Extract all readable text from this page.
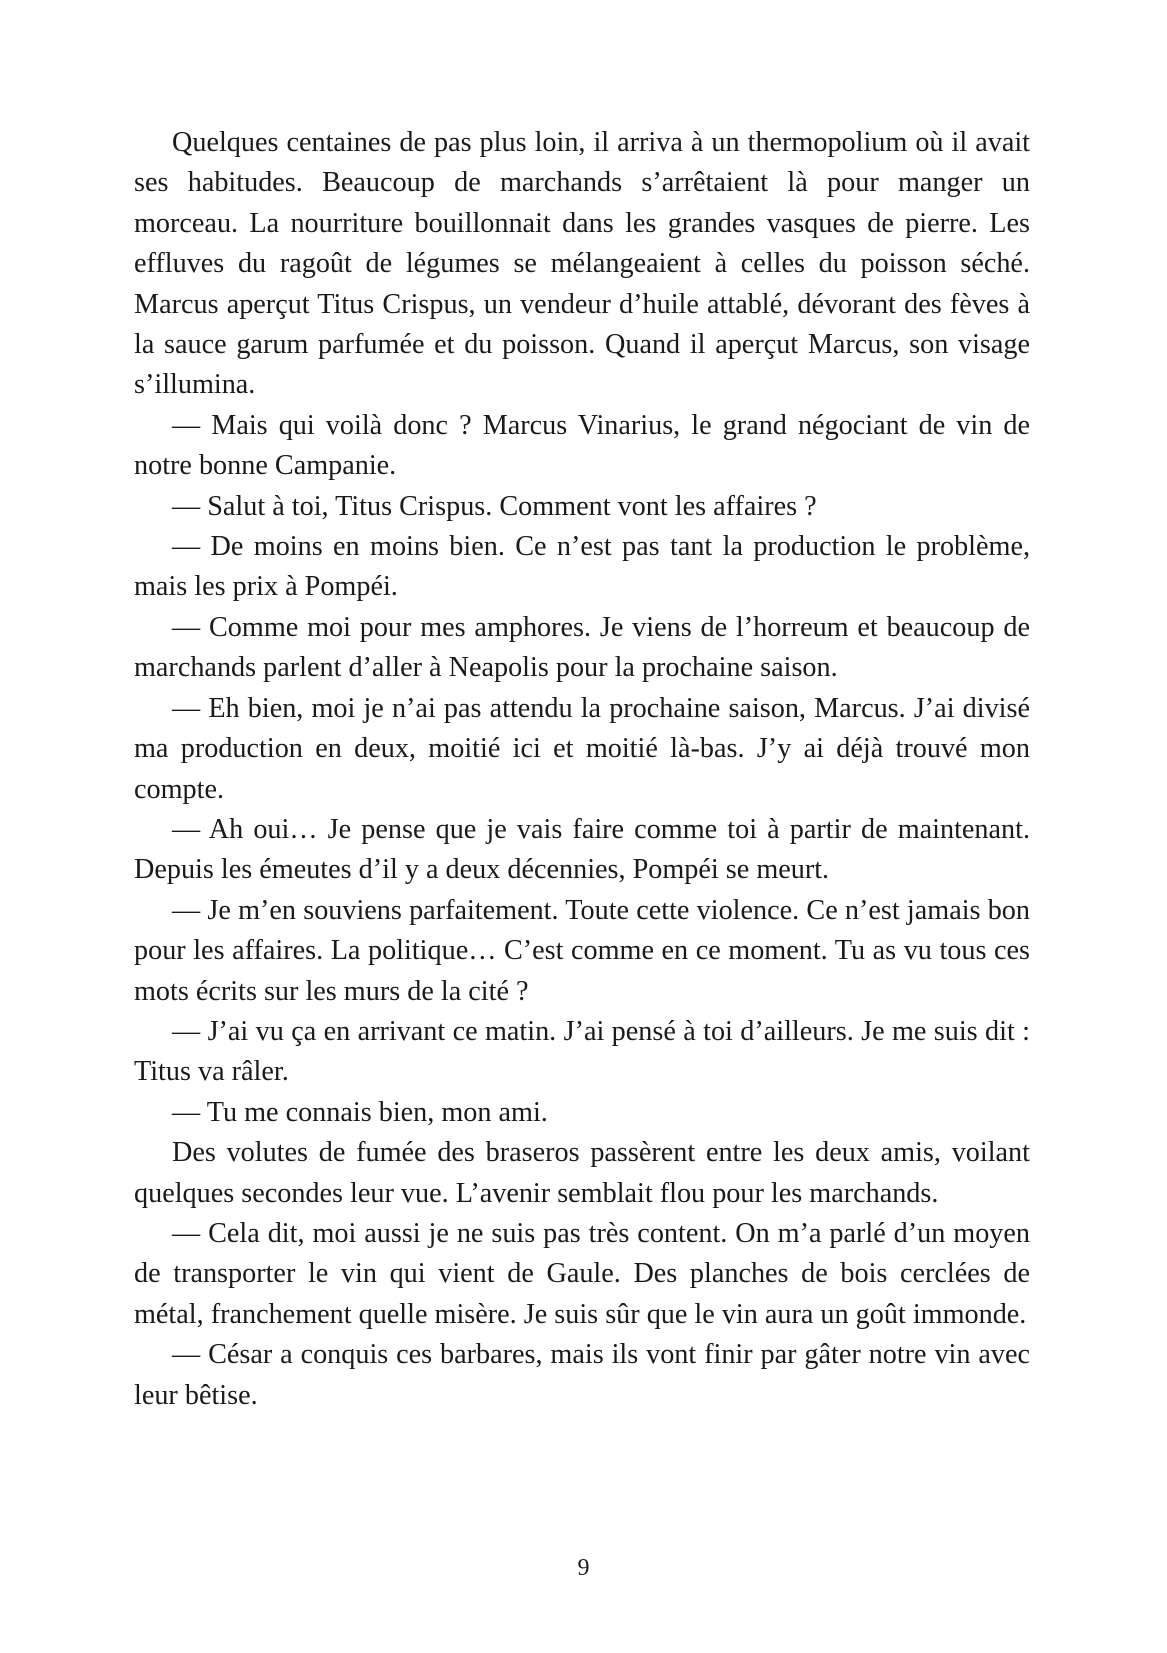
Quelques centaines de pas plus loin, il arriva à un thermopolium où il avait ses habitudes. Beaucoup de marchands s’arrêtaient là pour manger un morceau. La nourriture bouillonnait dans les grandes vasques de pierre. Les effluves du ragoût de légumes se mélangeaient à celles du poisson séché. Marcus aperçut Titus Crispus, un vendeur d’huile attablé, dévorant des fèves à la sauce garum parfumée et du poisson. Quand il aperçut Marcus, son visage s’illumina.

— Mais qui voilà donc ? Marcus Vinarius, le grand négociant de vin de notre bonne Campanie.

— Salut à toi, Titus Crispus. Comment vont les affaires ?

— De moins en moins bien. Ce n’est pas tant la production le problème, mais les prix à Pompéi.

— Comme moi pour mes amphores. Je viens de l’horreum et beaucoup de marchands parlent d’aller à Neapolis pour la prochaine saison.

— Eh bien, moi je n’ai pas attendu la prochaine saison, Marcus. J’ai divisé ma production en deux, moitié ici et moitié là-bas. J’y ai déjà trouvé mon compte.

— Ah oui… Je pense que je vais faire comme toi à partir de maintenant. Depuis les émeutes d’il y a deux décennies, Pompéi se meurt.

— Je m’en souviens parfaitement. Toute cette violence. Ce n’est jamais bon pour les affaires. La politique… C’est comme en ce moment. Tu as vu tous ces mots écrits sur les murs de la cité ?

— J’ai vu ça en arrivant ce matin. J’ai pensé à toi d’ailleurs. Je me suis dit : Titus va râler.

— Tu me connais bien, mon ami.

Des volutes de fumée des braseros passèrent entre les deux amis, voilant quelques secondes leur vue. L’avenir semblait flou pour les marchands.

— Cela dit, moi aussi je ne suis pas très content. On m’a parlé d’un moyen de transporter le vin qui vient de Gaule. Des planches de bois cerclées de métal, franchement quelle misère. Je suis sûr que le vin aura un goût immonde.

— César a conquis ces barbares, mais ils vont finir par gâter notre vin avec leur bêtise.

9
